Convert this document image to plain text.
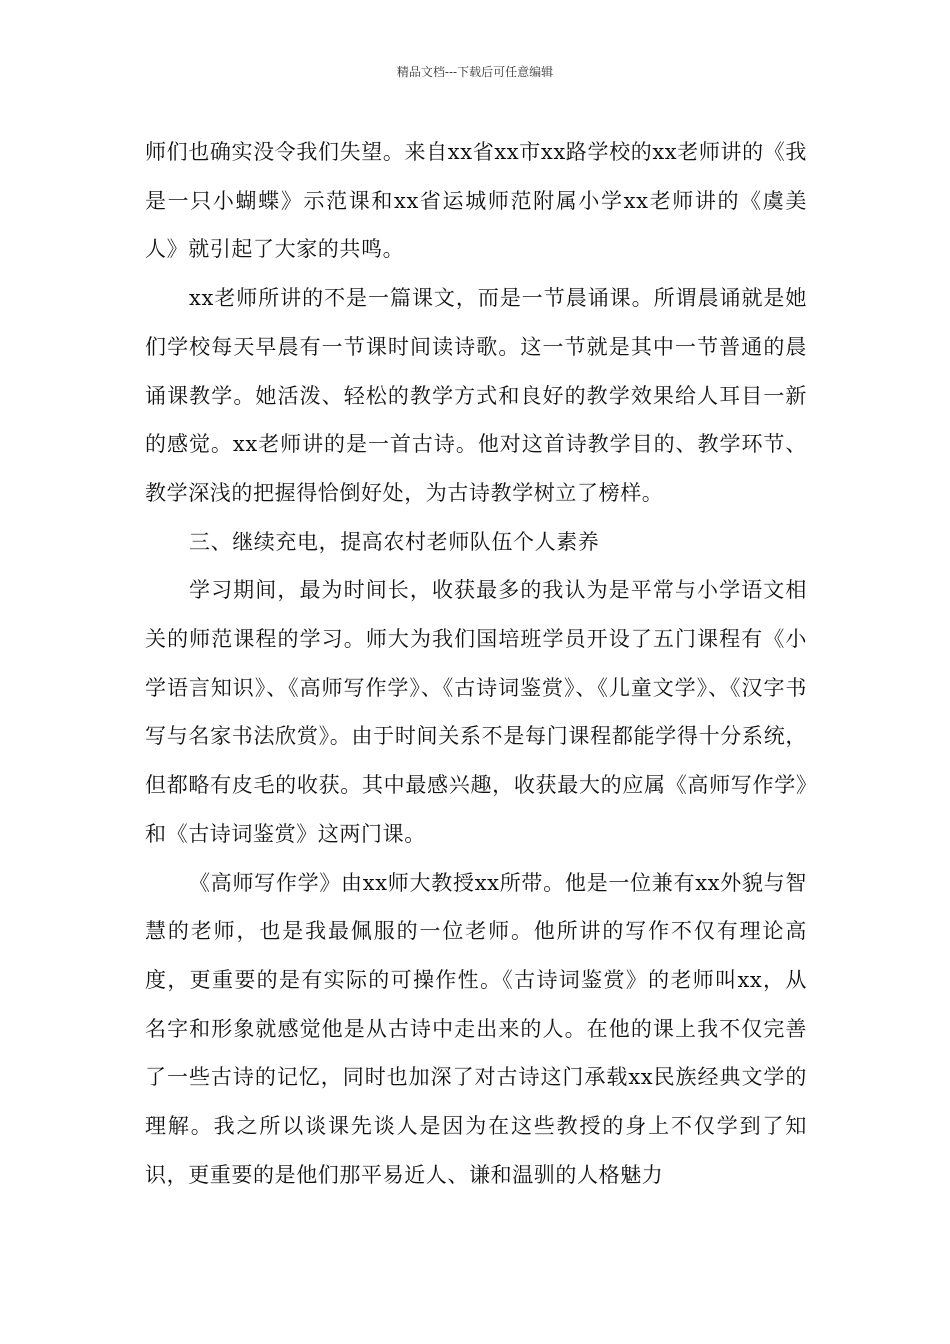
精品文档---下载后可任意编辑

师们也确实没令我们失望。来自xx省xx市xx路学校的xx老师讲的《我是一只小蝴蝶》示范课和xx省运城师范附属小学xx老师讲的《虞美人》就引起了大家的共鸣。

xx老师所讲的不是一篇课文，而是一节晨诵课。所谓晨诵就是她们学校每天早晨有一节课时间读诗歌。这一节就是其中一节普通的晨诵课教学。她活泼、轻松的教学方式和良好的教学效果给人耳目一新的感觉。xx老师讲的是一首古诗。他对这首诗教学目的、教学环节、教学深浅的把握得恰倒好处，为古诗教学树立了榜样。

三、继续充电，提高农村老师队伍个人素养

学习期间，最为时间长，收获最多的我认为是平常与小学语文相关的师范课程的学习。师大为我们国培班学员开设了五门课程有《小学语言知识》、《高师写作学》、《古诗词鉴赏》、《儿童文学》、《汉字书写与名家书法欣赏》。由于时间关系不是每门课程都能学得十分系统，但都略有皮毛的收获。其中最感兴趣，收获最大的应属《高师写作学》和《古诗词鉴赏》这两门课。

《高师写作学》由xx师大教授xx所带。他是一位兼有xx外貌与智慧的老师，也是我最佩服的一位老师。他所讲的写作不仅有理论高度，更重要的是有实际的可操作性。《古诗词鉴赏》的老师叫xx，从名字和形象就感觉他是从古诗中走出来的人。在他的课上我不仅完善了一些古诗的记忆，同时也加深了对古诗这门承载xx民族经典文学的理解。我之所以谈课先谈人是因为在这些教授的身上不仅学到了知识，更重要的是他们那平易近人、谦和温驯的人格魅力
